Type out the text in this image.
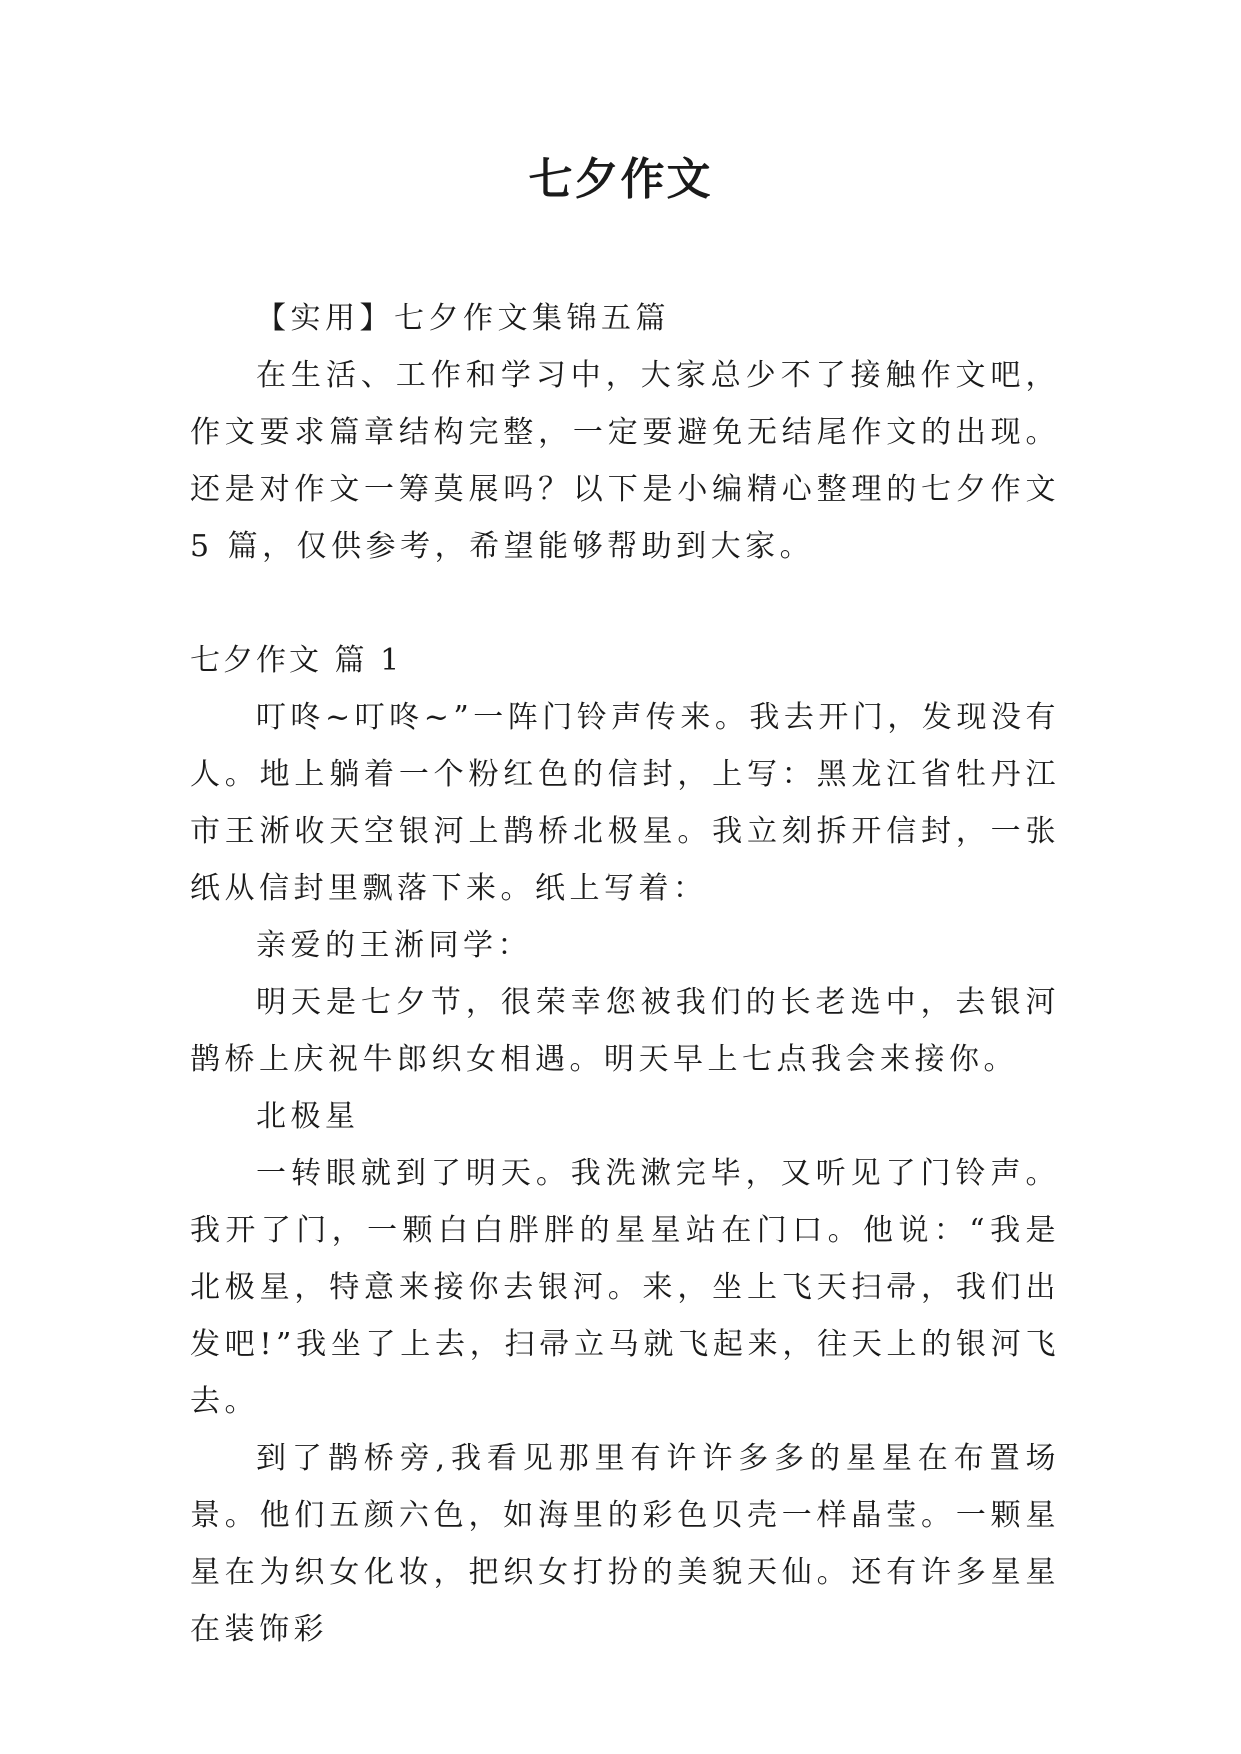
七夕作文

【实用】七夕作文集锦五篇

在生活、工作和学习中，大家总少不了接触作文吧，作文要求篇章结构完整，一定要避免无结尾作文的出现。还是对作文一筹莫展吗？以下是小编精心整理的七夕作文 5 篇，仅供参考，希望能够帮助到大家。

七夕作文 篇 1

叮咚~叮咚~”一阵门铃声传来。我去开门，发现没有人。地上躺着一个粉红色的信封，上写：黑龙江省牡丹江市王淅收天空银河上鹊桥北极星。我立刻拆开信封，一张纸从信封里飘落下来。纸上写着：

亲爱的王淅同学：

明天是七夕节，很荣幸您被我们的长老选中，去银河鹊桥上庆祝牛郎织女相遇。明天早上七点我会来接你。

北极星

一转眼就到了明天。我洗漱完毕，又听见了门铃声。我开了门，一颗白白胖胖的星星站在门口。他说：“我是北极星，特意来接你去银河。来，坐上飞天扫帚，我们出发吧!”我坐了上去，扫帚立马就飞起来，往天上的银河飞去。

到了鹊桥旁,我看见那里有许许多多的星星在布置场景。他们五颜六色，如海里的彩色贝壳一样晶莹。一颗星星在为织女化妆，把织女打扮的美貌天仙。还有许多星星在装饰彩
